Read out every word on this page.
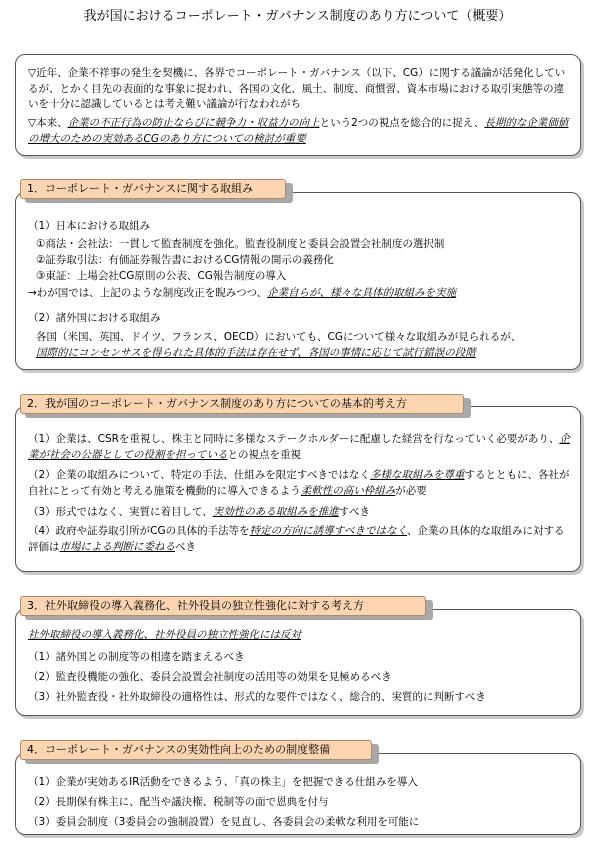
我が国におけるコーポレート・ガバナンス制度のあり方について（概要）
▽近年、企業不祥事の発生を契機に、各界でコーポレート・ガバナンス（以下、CG）に関する議論が活発化しているが、とかく目先の表面的な事象に捉われ、各国の文化、風土、制度、商慣習、資本市場における取引実態等の違いを十分に認識しているとは考え難い議論が行なわれがち
▽本来、企業の不正行為の防止ならびに競争力・収益力の向上という2つの視点を総合的に捉え、長期的な企業価値の増大のための実効あるCGのあり方についての検討が重要
1．コーポレート・ガバナンスに関する取組み
（1）日本における取組み
①商法・会社法：一貫して監査制度を強化。監査役制度と委員会設置会社制度の選択制
②証券取引法：有価証券報告書におけるCG情報の開示の義務化
③東証：上場会社CG原則の公表、CG報告制度の導入
→わが国では、上記のような制度改正を睨みつつ、企業自らが、様々な具体的取組みを実施
（2）諸外国における取組み
各国（米国、英国、ドイツ、フランス、OECD）においても、CGについて様々な取組みが見られるが、
国際的にコンセンサスを得られた具体的手法は存在せず、各国の事情に応じて試行錯誤の段階
2．我が国のコーポレート・ガバナンス制度のあり方についての基本的考え方
（1）企業は、CSRを重視し、株主と同時に多様なステークホルダーに配慮した経営を行なっていく必要があり、企業が社会の公器としての役割を担っているとの視点を重視
（2）企業の取組みについて、特定の手法、仕組みを限定すべきではなく多様な取組みを尊重するとともに、各社が自社にとって有効と考える施策を機動的に導入できるよう柔軟性の高い枠組みが必要
（3）形式ではなく、実質に着目して、実効性のある取組みを推進すべき
（4）政府や証券取引所がCGの具体的手法等を特定の方向に誘導すべきではなく、企業の具体的な取組みに対する評価は市場による判断に委ねるべき
3．社外取締役の導入義務化、社外役員の独立性強化に対する考え方
社外取締役の導入義務化、社外役員の独立性強化には反対
（1）諸外国との制度等の相違を踏まえるべき
（2）監査役機能の強化、委員会設置会社制度の活用等の効果を見極めるべき
（3）社外監査役・社外取締役の適格性は、形式的な要件ではなく、総合的、実質的に判断すべき
4．コーポレート・ガバナンスの実効性向上のための制度整備
（1）企業が実効あるIR活動をできるよう、「真の株主」を把握できる仕組みを導入
（2）長期保有株主に、配当や議決権、税制等の面で恩典を付与
（3）委員会制度（3委員会の強制設置）を見直し、各委員会の柔軟な利用を可能に
